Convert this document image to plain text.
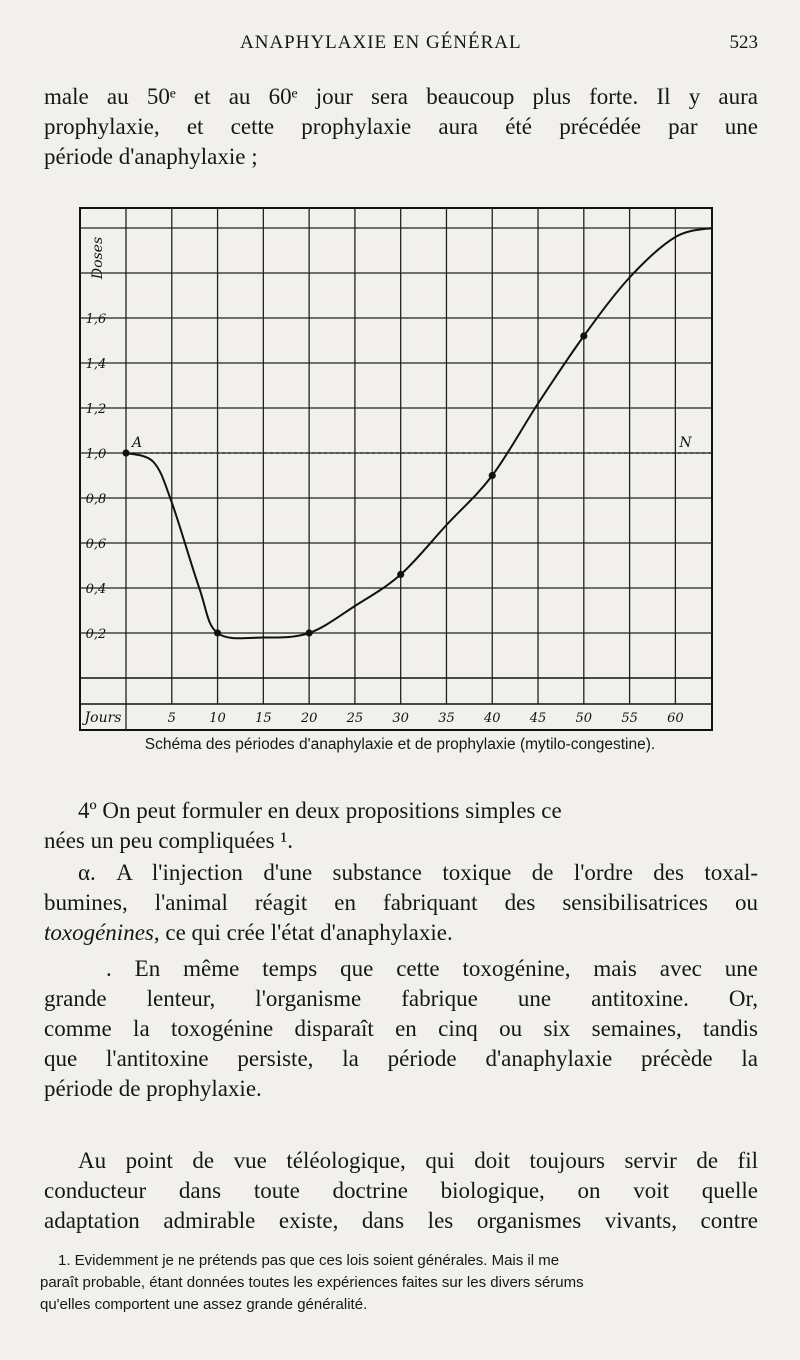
ANAPHYLAXIE EN GÉNÉRAL	523

male au 50ᵉ et au 60ᵉ jour sera beaucoup plus forte. Il y aura
prophylaxie, et cette prophylaxie aura été précédée par une
période d'anaphylaxie ;

0,2
0,4
0,6
0,8
1,0
1,2
1,4
1,6
5	10 15 20 25 30 35 40 45 50 55 60
Jours
Doses
A	N
Schéma des périodes d'anaphylaxie et de prophylaxie (mytilo-congestine).

4º On peut formuler en deux propositions simples ce
nées un peu compliquées ¹.

α. A l'injection d'une substance toxique de l'ordre des toxal-
bumines, l'animal réagit en fabriquant des sensibilisatrices ou
toxogénines, ce qui crée l'état d'anaphylaxie.

. En même temps que cette toxogénine, mais avec une
grande lenteur, l'organisme fabrique une antitoxine. Or,
comme la toxogénine disparaît en cinq ou six semaines, tandis
que l'antitoxine persiste, la période d'anaphylaxie précède la
période de prophylaxie.

Au point de vue téléologique, qui doit toujours servir de fil
conducteur dans toute doctrine biologique, on voit quelle
adaptation admirable existe, dans les organismes vivants, contre

1. Evidemment je ne prétends pas que ces lois soient générales. Mais il me
paraît probable, étant données toutes les expériences faites sur les divers sérums
qu'elles comportent une assez grande généralité.
